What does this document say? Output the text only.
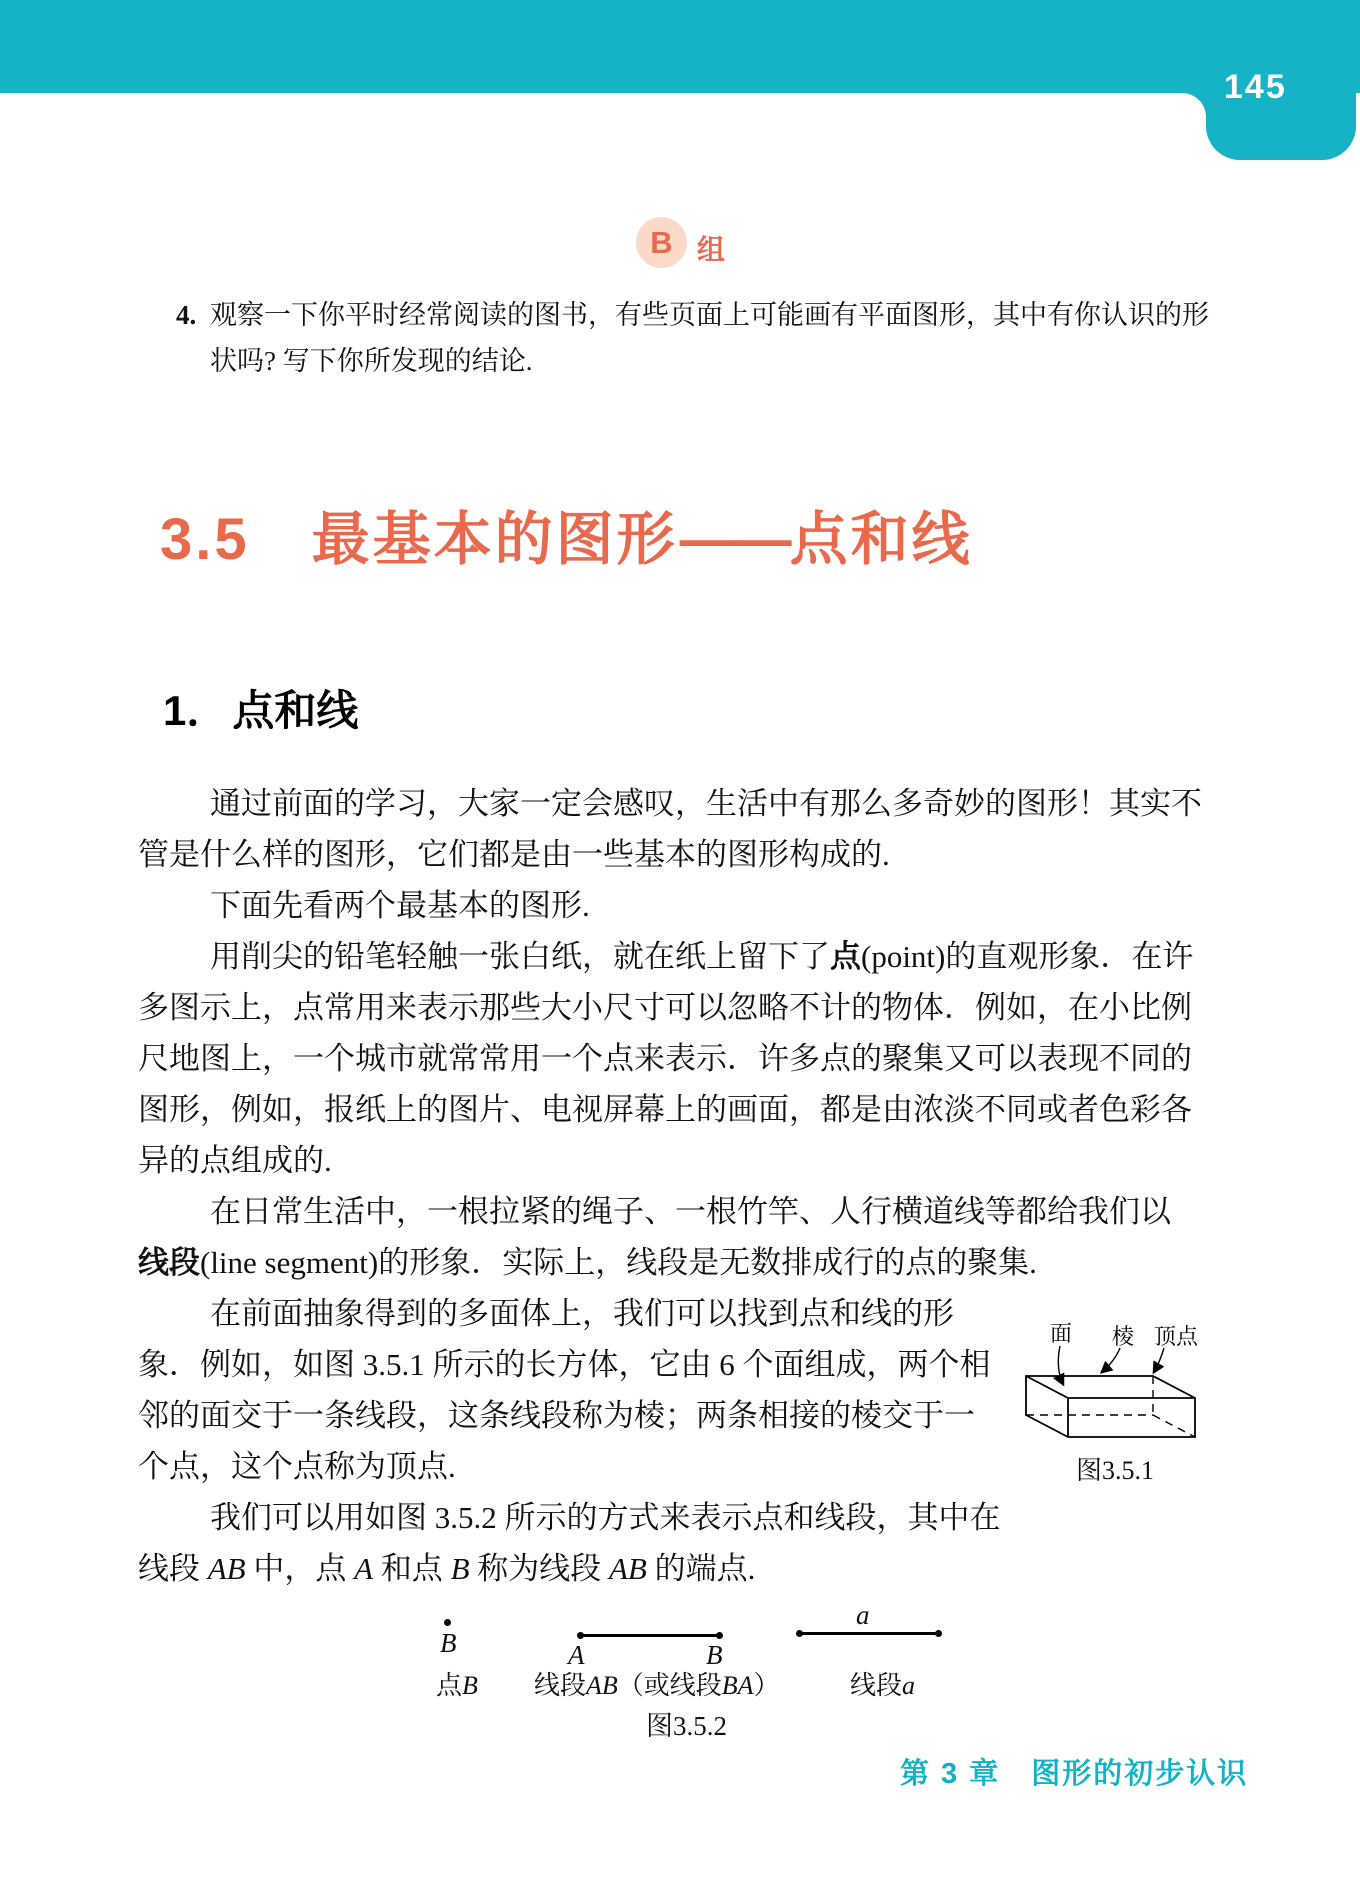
145
B 组
4. 观察一下你平时经常阅读的图书，有些页面上可能画有平面图形，其中有你认识的形
状吗? 写下你所发现的结论.
3.5 最基本的图形——点和线
1．点和线

通过前面的学习，大家一定会感叹，生活中有那么多奇妙的图形！其实不
管是什么样的图形，它们都是由一些基本的图形构成的.

下面先看两个最基本的图形.

用削尖的铅笔轻触一张白纸，就在纸上留下了点(point)的直观形象．在许
多图示上，点常用来表示那些大小尺寸可以忽略不计的物体．例如，在小比例
尺地图上，一个城市就常常用一个点来表示．许多点的聚集又可以表现不同的
图形，例如，报纸上的图片、电视屏幕上的画面，都是由浓淡不同或者色彩各
异的点组成的.

在日常生活中，一根拉紧的绳子、一根竹竿、人行横道线等都给我们以
线段(line segment)的形象．实际上，线段是无数排成行的点的聚集.

在前面抽象得到的多面体上，我们可以找到点和线的形
象．例如，如图 3.5.1 所示的长方体，它由 6 个面组成，两个相
邻的面交于一条线段，这条线段称为棱；两条相接的棱交于一
个点，这个点称为顶点.

我们可以用如图 3.5.2 所示的方式来表示点和线段，其中在
线段 AB 中，点 A 和点 B 称为线段 AB 的端点.

面 棱 顶点
图3.5.1
B
点B
A	B
线段AB（或线段BA）
a
线段a
图3.5.2
第 3 章　图形的初步认识
